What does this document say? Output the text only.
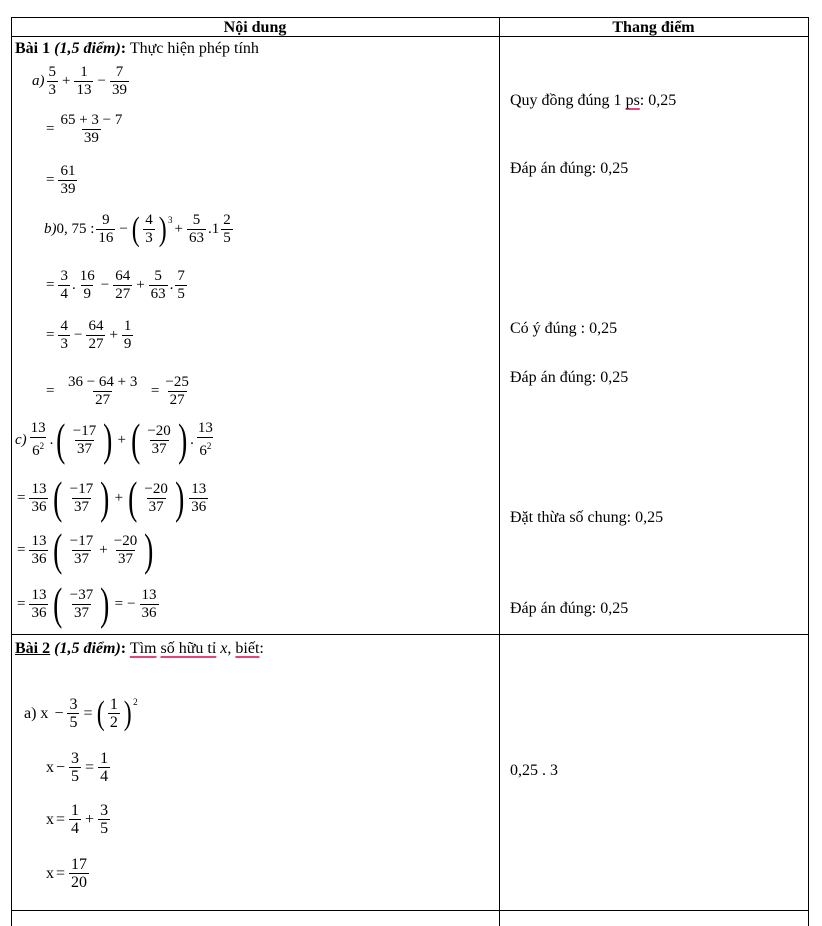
Nội dung	Thang điểm
Bài 1 (1,5 điểm): Thực hiện phép tính
$a) \frac{5}{3} + \frac{1}{13} - \frac{7}{39}$
= $\frac{65 + 3 - 7}{39}$
= $\frac{61}{39}$
b) 0, 75 : $\frac{9}{16}$ − ( $\frac{4}{3} )^3$
+ $\frac{5}{63} .1 \frac{2}{5}$
= $\frac{3}{4}$ . $\frac{16}{9} - \frac{64}{27} + \frac{5}{63}$ . $\frac{7}{5}$
= $\frac{4}{3} - \frac{64}{27} + \frac{1}{9}$
= $\frac{36 - 64 + 3}{27} = \frac{-25}{27}$
$c) \frac{13}{6^2}$ . ( $\frac{-17}{37}$ ) + ( $\frac{-20}{37}$ ) . $\frac{13}{6^2}$
= $\frac{13}{36}$ ( $\frac{-17}{37}$ ) + ( $\frac{-20}{37}$ ) $\frac{13}{36}$
= $\frac{13}{36}$ ( $\frac{-17}{37} + \frac{-20}{37}$ )
= $\frac{13}{36}$ ( $\frac{-37}{37}$ ) = − $\frac{13}{36}$
Quy đồng đúng 1 ps: 0,25
Đáp án đúng: 0,25
Có ý đúng : 0,25
Đáp án đúng: 0,25
Đặt thừa số chung: 0,25
Đáp án đúng: 0,25
Bài 2 (1,5 điểm): Tìm số hữu tỉ x, biết:
a) $x - \frac{3}{5}$ = ( $\frac{1}{2} )^2$
$x - \frac{3}{5} = \frac{1}{4}$
$x = \frac{1}{4} + \frac{3}{5}$
$x = \frac{17}{20}$
0,25 . 3
